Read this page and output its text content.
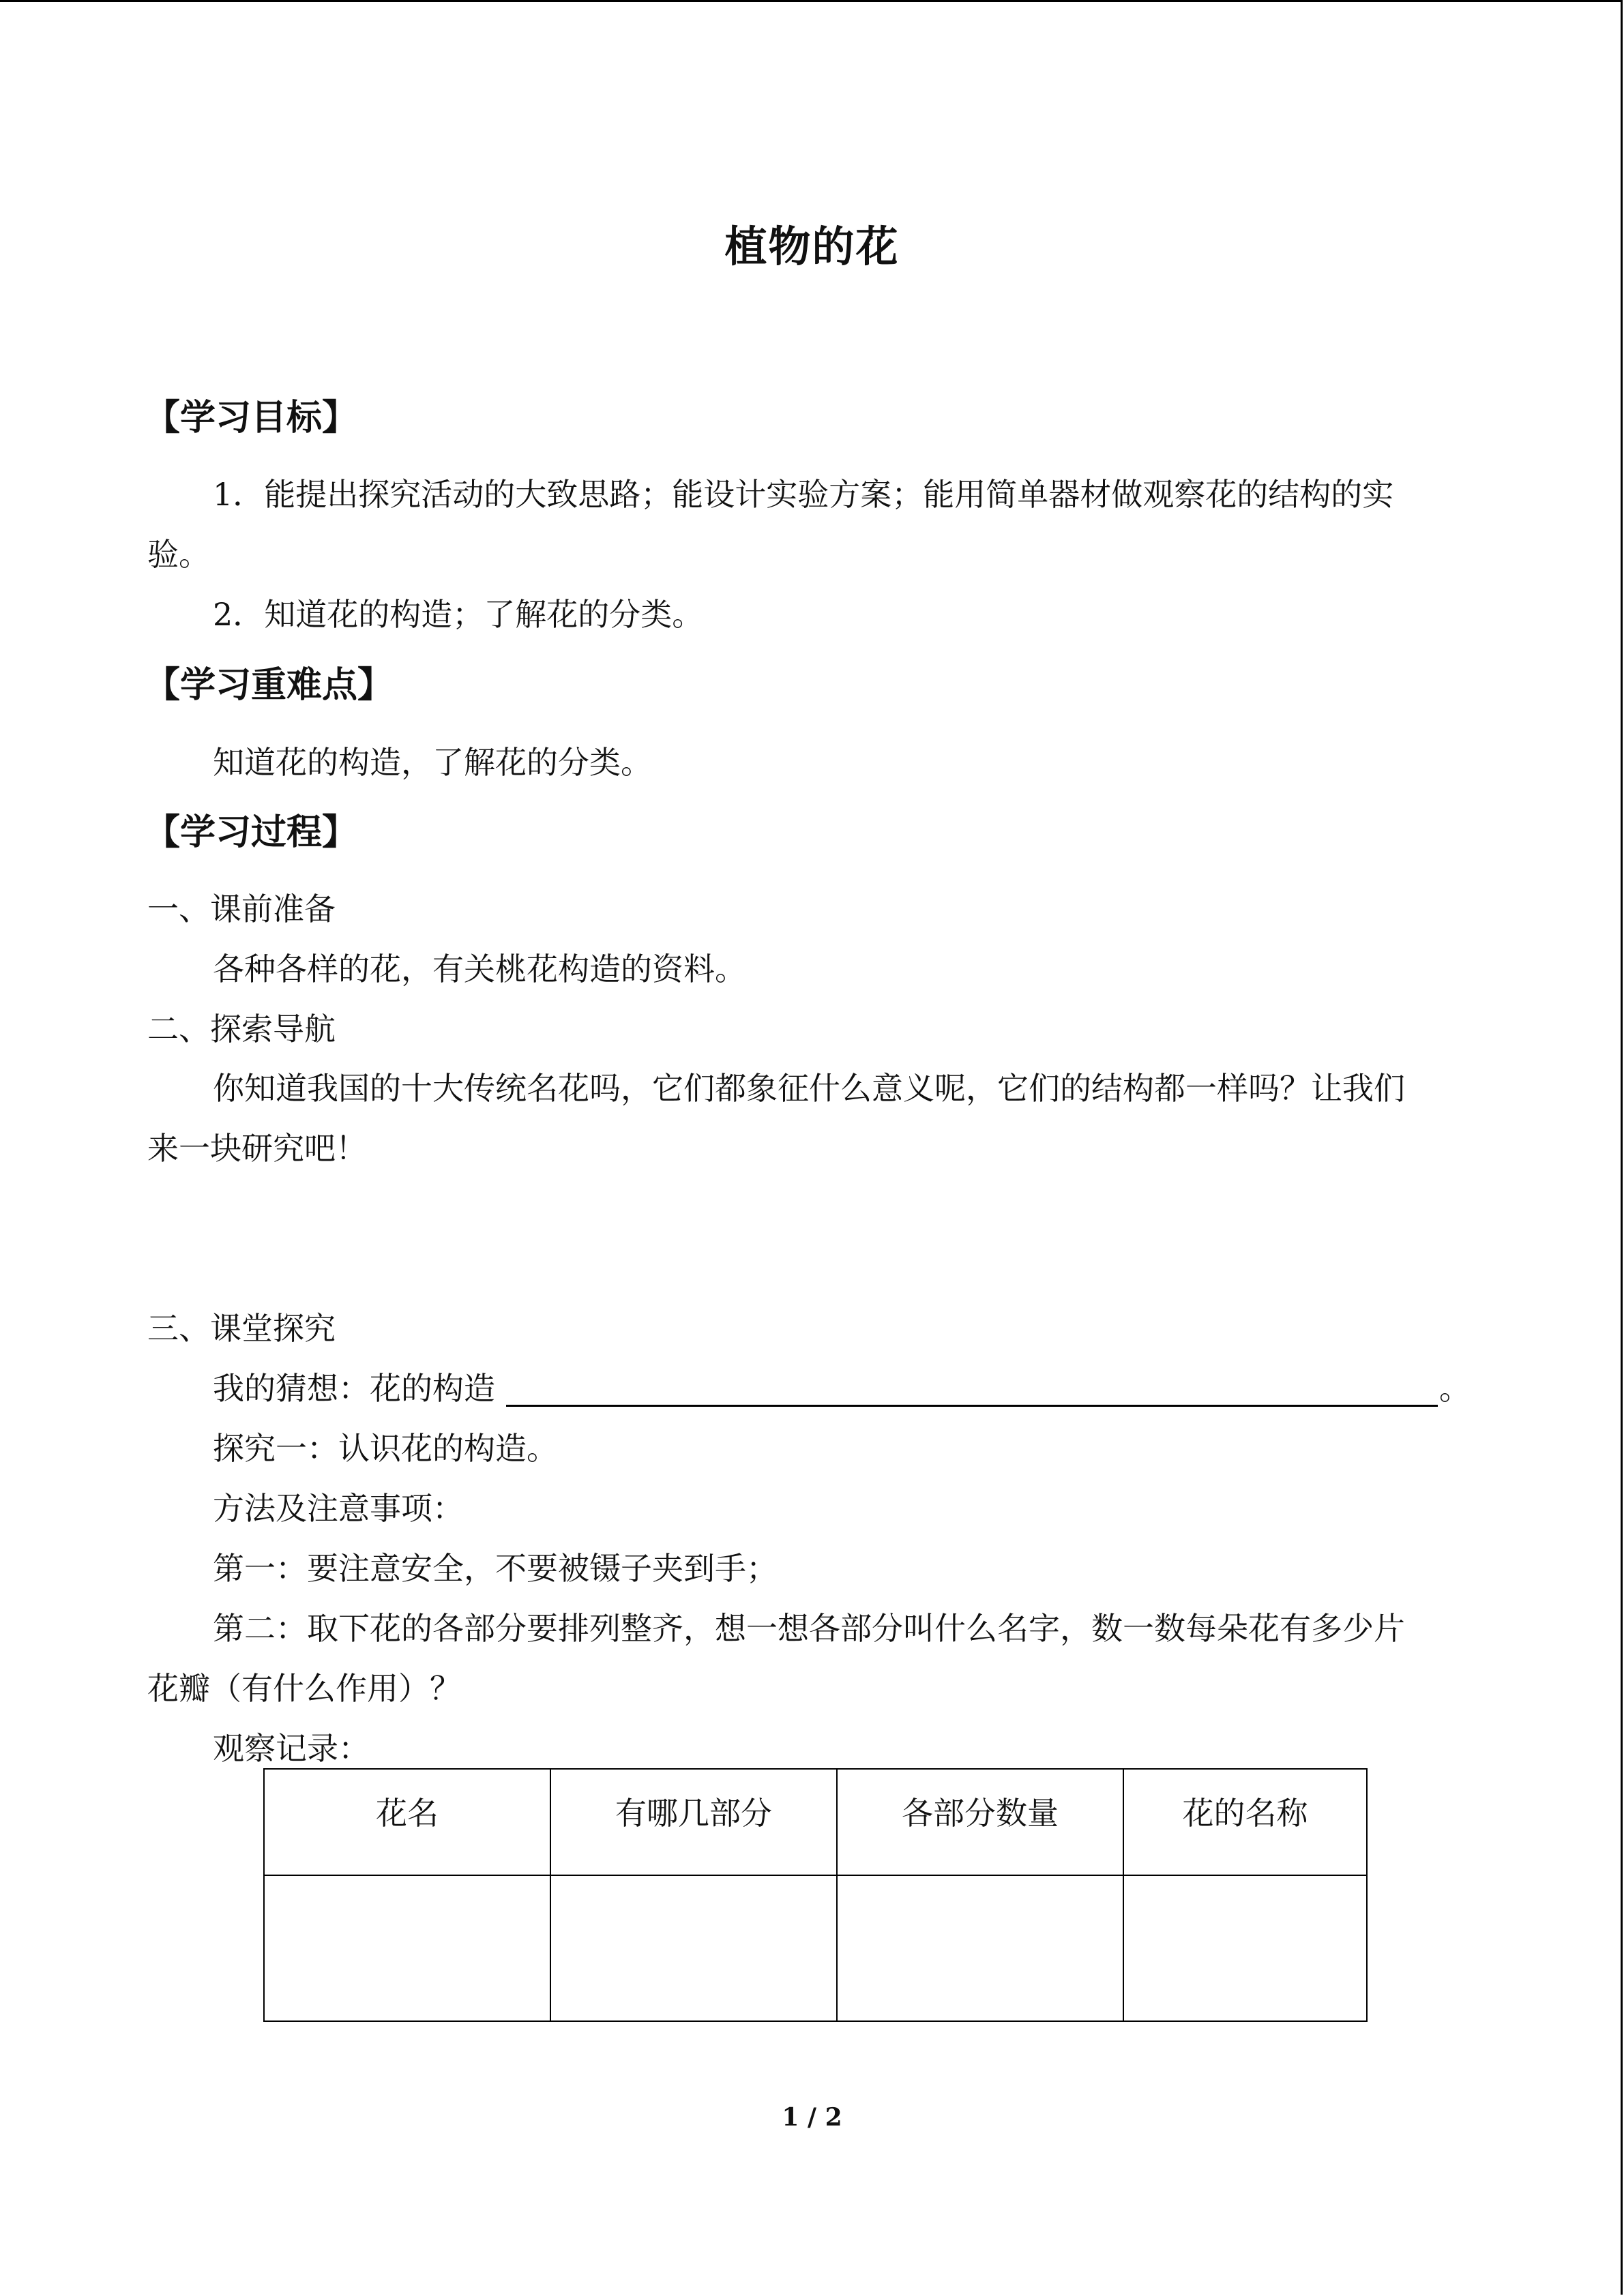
植物的花
【学习目标】
1．能提出探究活动的大致思路；能设计实验方案；能用简单器材做观察花的结构的实
验。
2．知道花的构造；了解花的分类。
【学习重难点】
知道花的构造，了解花的分类。
【学习过程】
一、课前准备
各种各样的花，有关桃花构造的资料。
二、探索导航
你知道我国的十大传统名花吗，它们都象征什么意义呢，它们的结构都一样吗？让我们
来一块研究吧！
三、课堂探究
我的猜想：花的构造	。
探究一：认识花的构造。
方法及注意事项：
第一：要注意安全，不要被镊子夹到手；
第二：取下花的各部分要排列整齐，想一想各部分叫什么名字，数一数每朵花有多少片
花瓣（有什么作用）？
观察记录：
花名	有哪几部分	各部分数量	花的名称

1 / 2
